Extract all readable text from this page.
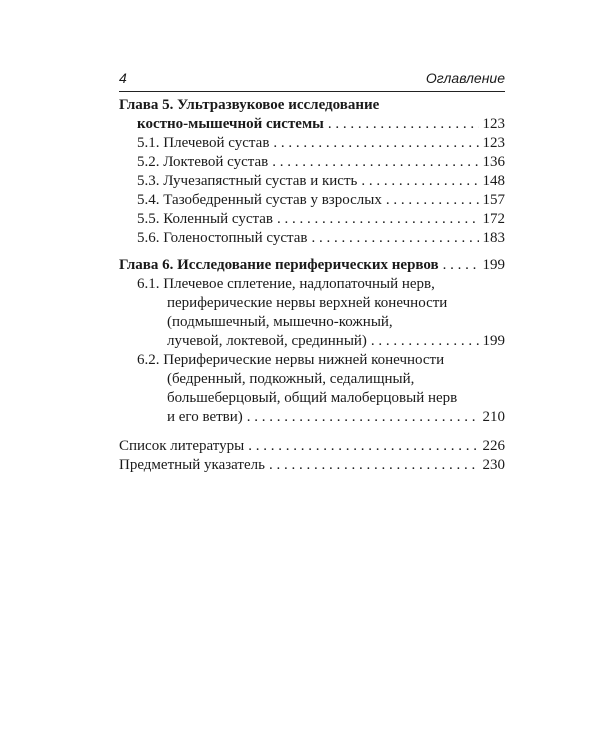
4	Оглавление
Глава 5. Ультразвуковое исследование
костно-мышечной системы . . .	123
5.1. Плечевой сустав . . .	123
5.2. Локтевой сустав . . .	136
5.3. Лучезапястный сустав и кисть . . .	148
5.4. Тазобедренный сустав у взрослых . . .	157
5.5. Коленный сустав . . .	172
5.6. Голеностопный сустав . . .	183
Глава 6. Исследование периферических нервов . . .	199
6.1. Плечевое сплетение, надлопаточный нерв,
периферические нервы верхней конечности
(подмышечный, мышечно-кожный,
лучевой, локтевой, срединный) . . .	199
6.2. Периферические нервы нижней конечности
(бедренный, подкожный, седалищный,
большеберцовый, общий малоберцовый нерв
и его ветви) . . .	210
Список литературы . . .	226
Предметный указатель . . .	230
